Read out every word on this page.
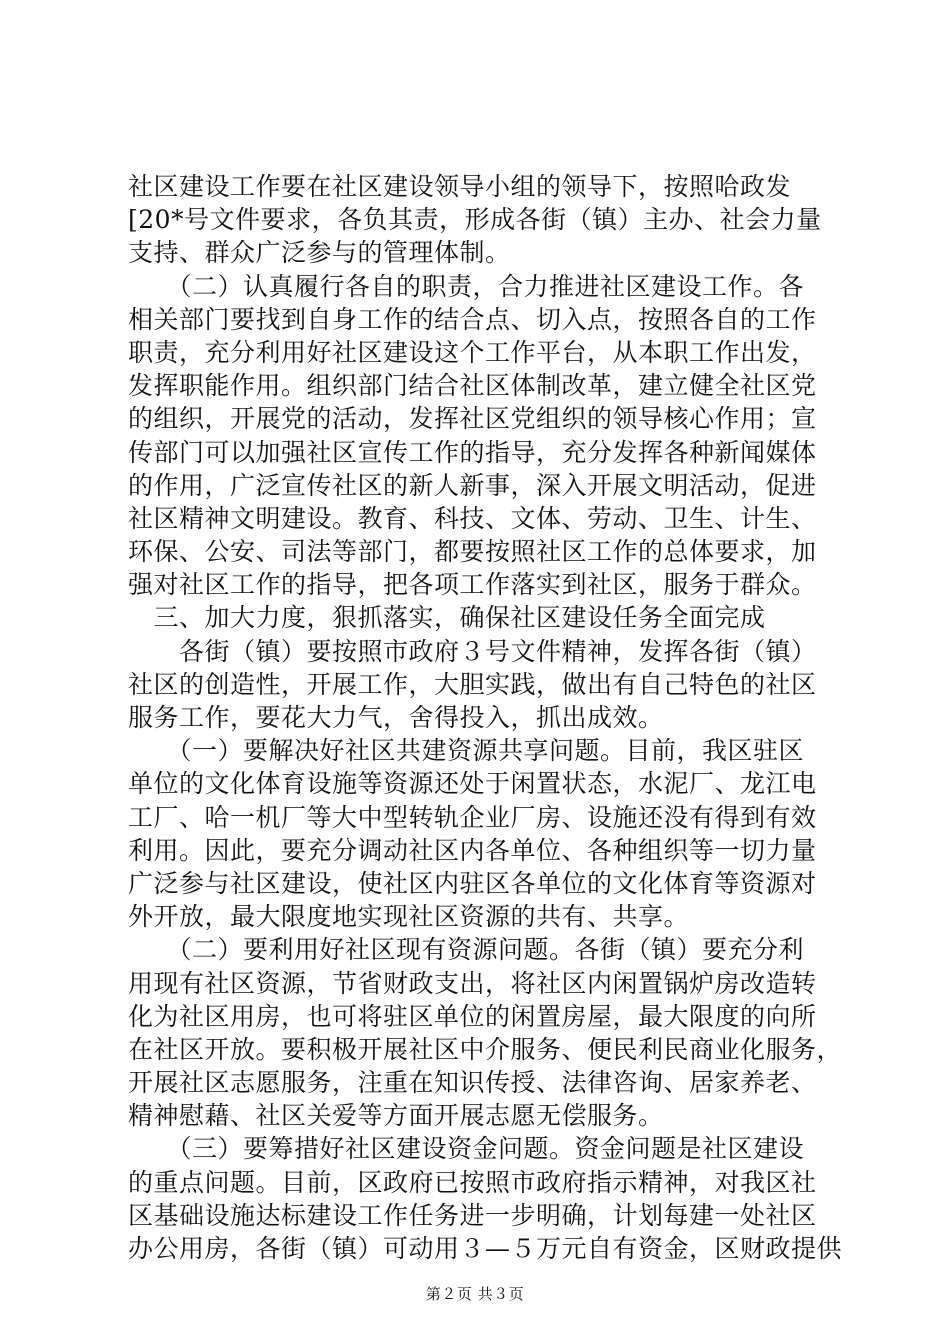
社区建设工作要在社区建设领导小组的领导下，按照哈政发
[20*号文件要求，各负其责，形成各街（镇）主办、社会力量
支持、群众广泛参与的管理体制。
　　（二）认真履行各自的职责，合力推进社区建设工作。各
相关部门要找到自身工作的结合点、切入点，按照各自的工作
职责，充分利用好社区建设这个工作平台，从本职工作出发，
发挥职能作用。组织部门结合社区体制改革，建立健全社区党
的组织，开展党的活动，发挥社区党组织的领导核心作用；宣
传部门可以加强社区宣传工作的指导，充分发挥各种新闻媒体
的作用，广泛宣传社区的新人新事，深入开展文明活动，促进
社区精神文明建设。教育、科技、文体、劳动、卫生、计生、
环保、公安、司法等部门，都要按照社区工作的总体要求，加
强对社区工作的指导，把各项工作落实到社区，服务于群众。
　三、加大力度，狠抓落实，确保社区建设任务全面完成
　　各街（镇）要按照市政府３号文件精神，发挥各街（镇）
社区的创造性，开展工作，大胆实践，做出有自己特色的社区
服务工作，要花大力气，舍得投入，抓出成效。
　　（一）要解决好社区共建资源共享问题。目前，我区驻区
单位的文化体育设施等资源还处于闲置状态，水泥厂、龙江电
工厂、哈一机厂等大中型转轨企业厂房、设施还没有得到有效
利用。因此，要充分调动社区内各单位、各种组织等一切力量
广泛参与社区建设，使社区内驻区各单位的文化体育等资源对
外开放，最大限度地实现社区资源的共有、共享。
　　（二）要利用好社区现有资源问题。各街（镇）要充分利
用现有社区资源，节省财政支出，将社区内闲置锅炉房改造转
化为社区用房，也可将驻区单位的闲置房屋，最大限度的向所
在社区开放。要积极开展社区中介服务、便民利民商业化服务，
开展社区志愿服务，注重在知识传授、法律咨询、居家养老、
精神慰藉、社区关爱等方面开展志愿无偿服务。
　　（三）要筹措好社区建设资金问题。资金问题是社区建设
的重点问题。目前，区政府已按照市政府指示精神，对我区社
区基础设施达标建设工作任务进一步明确，计划每建一处社区
办公用房，各街（镇）可动用３—５万元自有资金，区财政提供
第２页 共３页
